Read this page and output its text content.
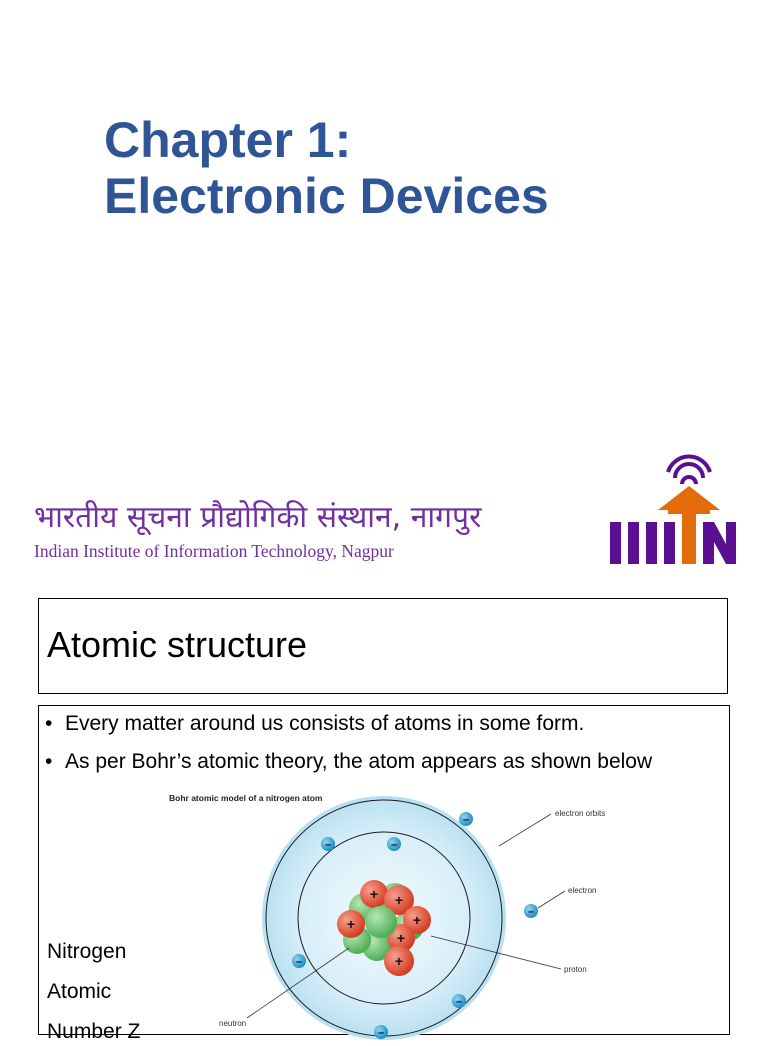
Chapter 1:
Electronic Devices
भारतीय सूचना प्रौद्योगिकी संस्थान, नागपुर
Indian Institute of Information Technology, Nagpur
Atomic structure
• Every matter around us consists of atoms in some form.
• As per Bohr’s atomic theory, the atom appears as shown below
Bohr atomic model of a nitrogen atom
+ +
+	+
+
+
–
–	–
–
–
–
–
electron orbits
electron
proton
neutron
Nitrogen
Atomic
Number Z
